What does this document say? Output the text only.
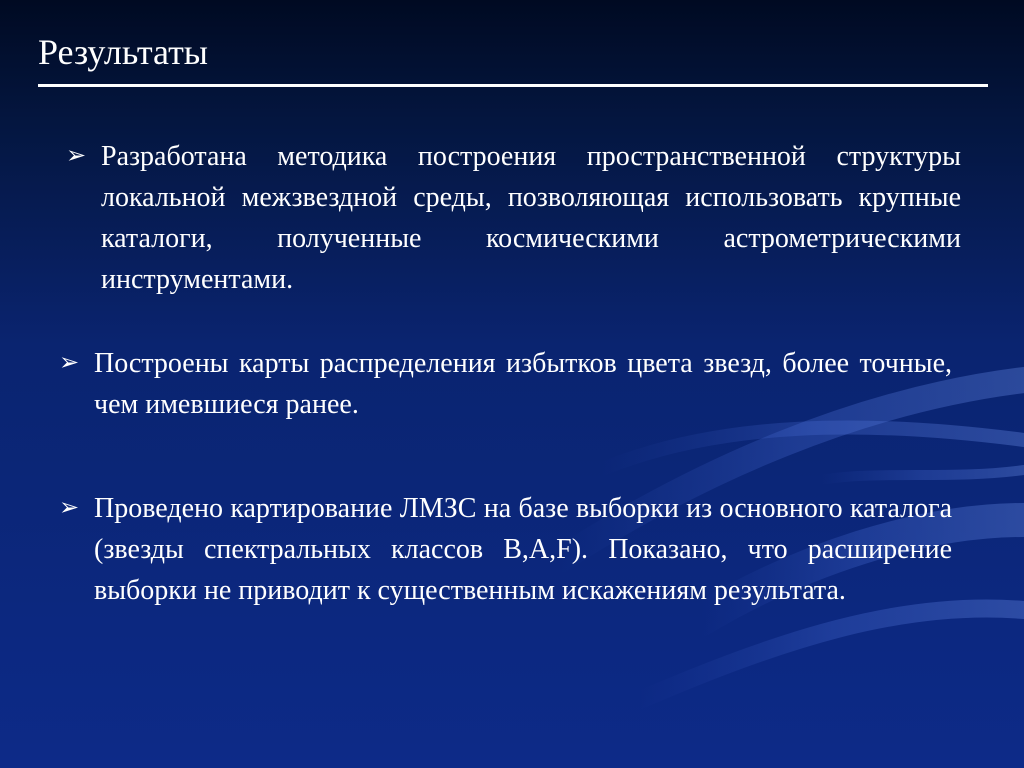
Результаты
➢ Разработана методика построения пространственной структуры локальной межзвездной среды, позволяющая использовать крупные каталоги, полученные космическими астрометрическими инструментами.
➢ Построены карты распределения избытков цвета звезд, более точные, чем имевшиеся ранее.
➢ Проведено картирование ЛМЗС на базе выборки из основного каталога (звезды спектральных классов B,A,F). Показано, что расширение выборки не приводит к существенным искажениям результата.
